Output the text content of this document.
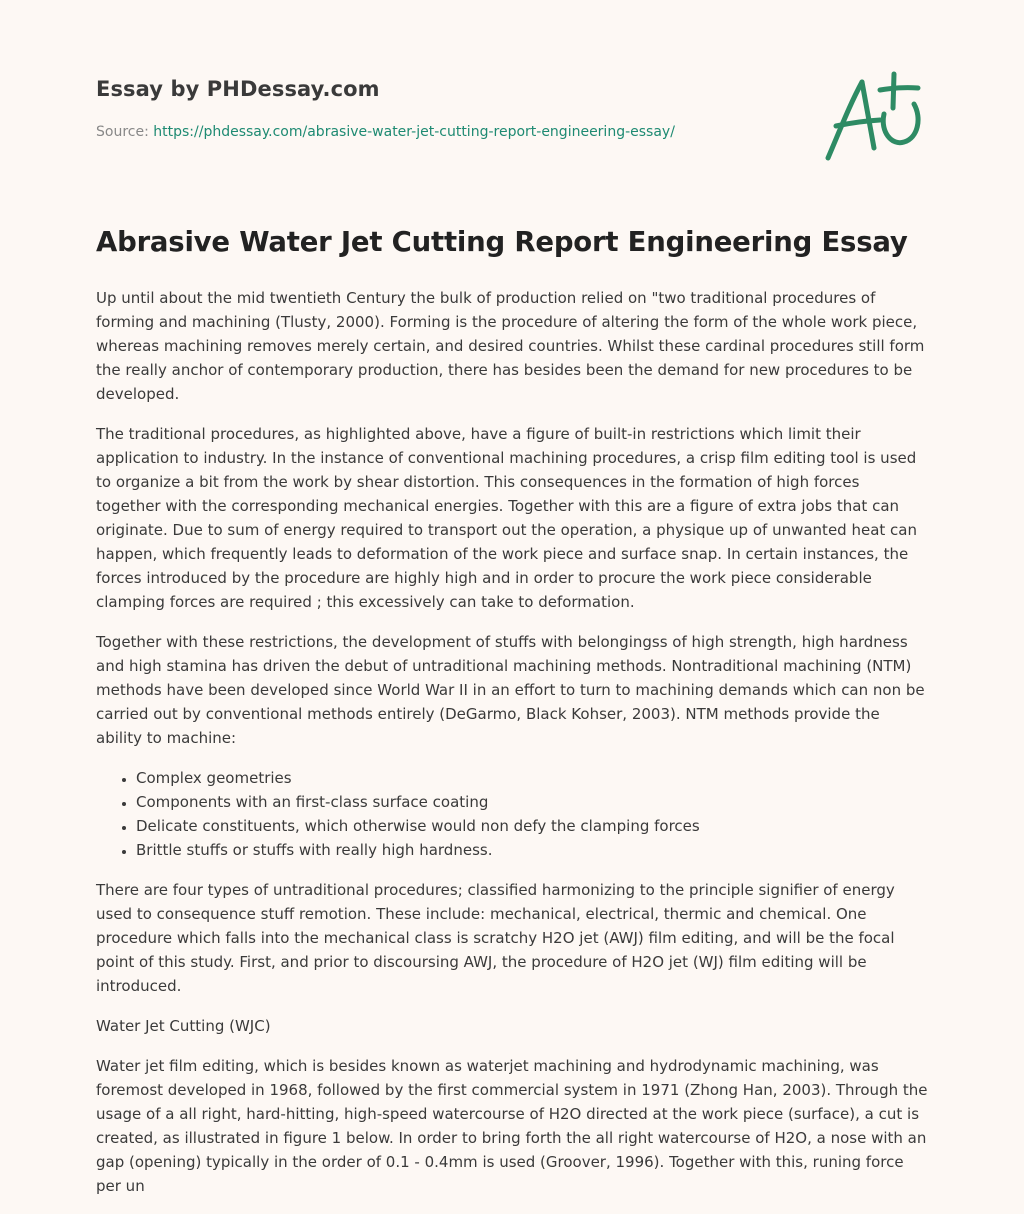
Essay by PHDessay.com
Source: https://phdessay.com/abrasive-water-jet-cutting-report-engineering-essay/
Abrasive Water Jet Cutting Report Engineering Essay

Up until about the mid twentieth Century the bulk of production relied on "two traditional procedures of forming and machining (Tlusty, 2000). Forming is the procedure of altering the form of the whole work piece, whereas machining removes merely certain, and desired countries. Whilst these cardinal procedures still form the really anchor of contemporary production, there has besides been the demand for new procedures to be developed.

The traditional procedures, as highlighted above, have a figure of built-in restrictions which limit their application to industry. In the instance of conventional machining procedures, a crisp film editing tool is used to organize a bit from the work by shear distortion. This consequences in the formation of high forces together with the corresponding mechanical energies. Together with this are a figure of extra jobs that can originate. Due to sum of energy required to transport out the operation, a physique up of unwanted heat can happen, which frequently leads to deformation of the work piece and surface snap. In certain instances, the forces introduced by the procedure are highly high and in order to procure the work piece considerable clamping forces are required ; this excessively can take to deformation.

Together with these restrictions, the development of stuffs with belongingss of high strength, high hardness and high stamina has driven the debut of untraditional machining methods. Nontraditional machining (NTM) methods have been developed since World War II in an effort to turn to machining demands which can non be carried out by conventional methods entirely (DeGarmo, Black Kohser, 2003). NTM methods provide the ability to machine:

• Complex geometries
• Components with an first-class surface coating
• Delicate constituents, which otherwise would non defy the clamping forces
• Brittle stuffs or stuffs with really high hardness.

There are four types of untraditional procedures; classified harmonizing to the principle signifier of energy used to consequence stuff remotion. These include: mechanical, electrical, thermic and chemical. One procedure which falls into the mechanical class is scratchy H2O jet (AWJ) film editing, and will be the focal point of this study. First, and prior to discoursing AWJ, the procedure of H2O jet (WJ) film editing will be introduced.

Water Jet Cutting (WJC)

Water jet film editing, which is besides known as waterjet machining and hydrodynamic machining, was foremost developed in 1968, followed by the first commercial system in 1971 (Zhong Han, 2003). Through the usage of a all right, hard-hitting, high-speed watercourse of H2O directed at the work piece (surface), a cut is created, as illustrated in figure 1 below. In order to bring forth the all right watercourse of H2O, a nose with an gap (opening) typically in the order of 0.1 - 0.4mm is used (Groover, 1996). Together with this, runing force per un
